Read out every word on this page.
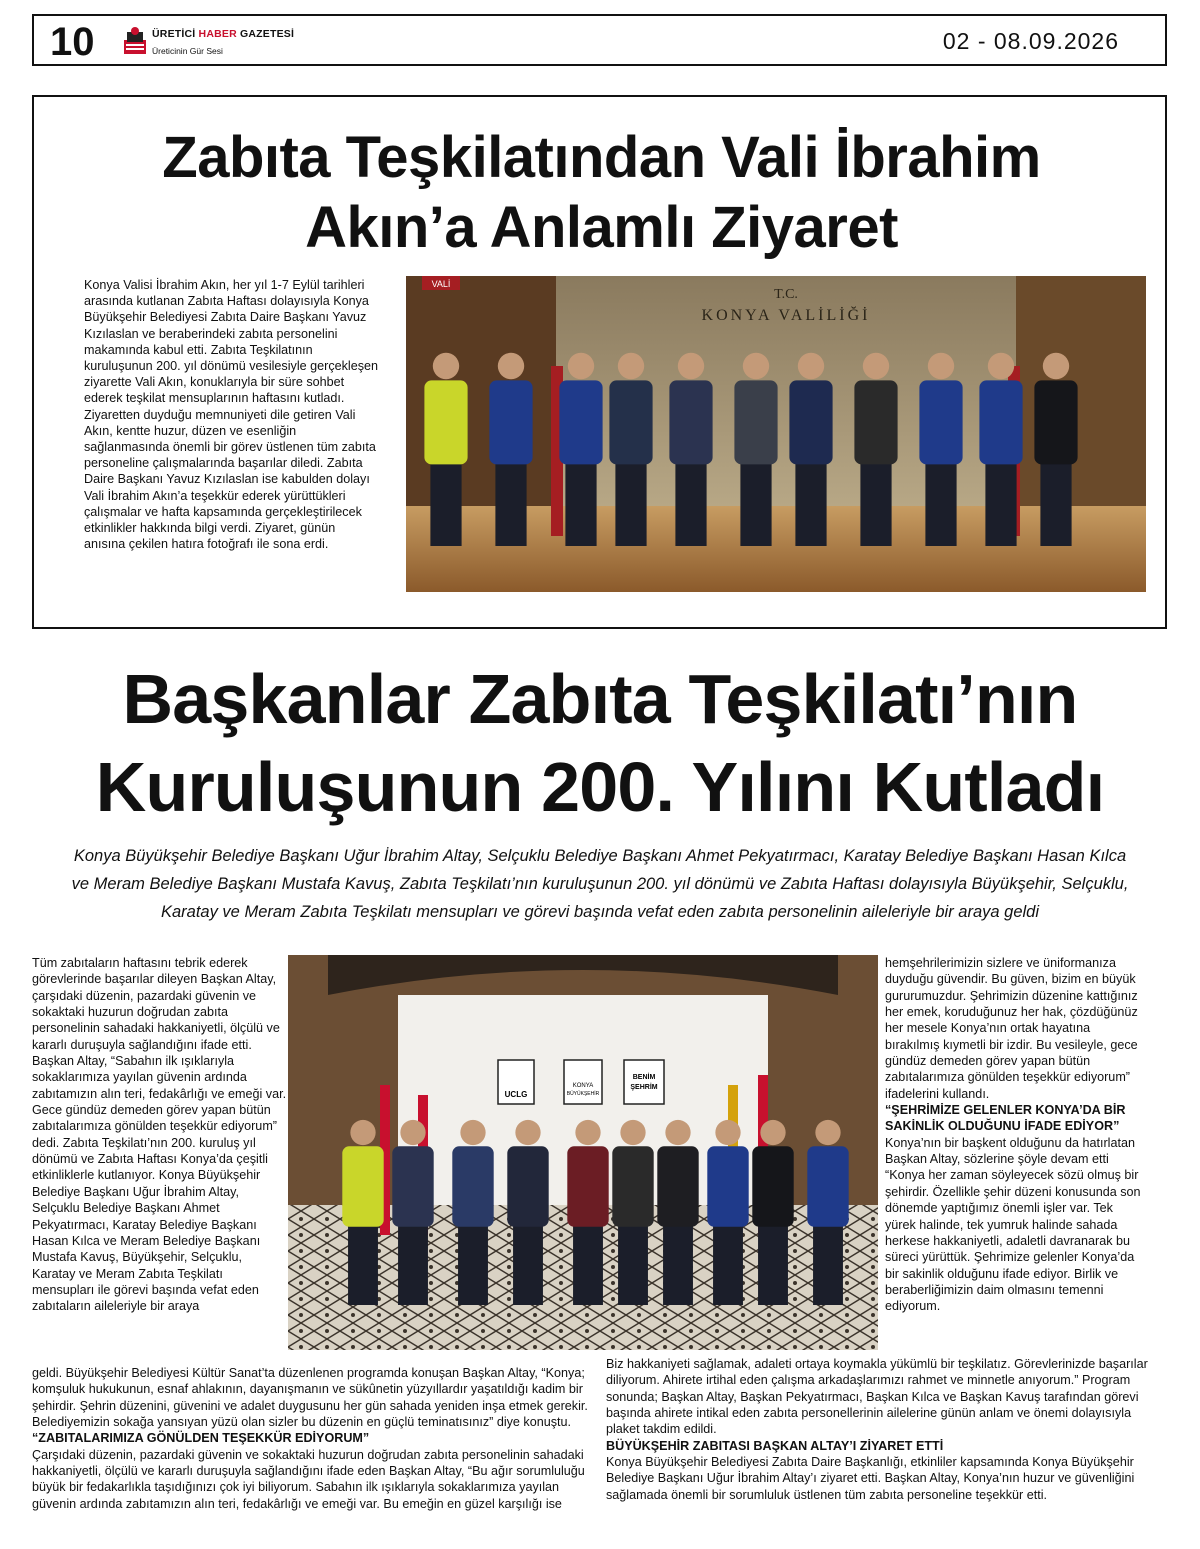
10	ÜRETİCİ HABER GAZETESİ
Üreticinin Gür Sesi	02 - 08.09.2026
Zabıta Teşkilatından Vali İbrahim
Akın’a Anlamlı Ziyaret
Konya Valisi İbrahim Akın, her yıl 1-7 Eylül tarihleri arasında kutlanan Zabıta Haftası dolayısıyla Konya Büyükşehir Belediyesi Zabıta Daire Başkanı Yavuz Kızılaslan ve beraberindeki zabıta personelini makamında kabul etti. Zabıta Teşkilatının kuruluşunun 200. yıl dönümü vesilesiyle gerçekleşen ziyarette Vali Akın, konuklarıyla bir süre sohbet ederek teşkilat mensuplarının haftasını kutladı. Ziyaretten duyduğu memnuniyeti dile getiren Vali Akın, kentte huzur, düzen ve esenliğin sağlanmasında önemli bir görev üstlenen tüm zabıta personeline çalışmalarında başarılar diledi. Zabıta Daire Başkanı Yavuz Kızılaslan ise kabulden dolayı Vali İbrahim Akın’a teşekkür ederek yürüttükleri çalışmalar ve hafta kapsamında gerçekleştirilecek etkinlikler hakkında bilgi verdi. Ziyaret, günün anısına çekilen hatıra fotoğrafı ile sona erdi.
VALİ
T.C.
KONYA VALİLİĞİ
Başkanlar Zabıta Teşkilatı’nın
Kuruluşunun 200. Yılını Kutladı
Konya Büyükşehir Belediye Başkanı Uğur İbrahim Altay, Selçuklu Belediye Başkanı Ahmet Pekyatırmacı, Karatay Belediye Başkanı Hasan Kılca ve Meram Belediye Başkanı Mustafa Kavuş, Zabıta Teşkilatı’nın kuruluşunun 200. yıl dönümü ve Zabıta Haftası dolayısıyla Büyükşehir, Selçuklu, Karatay ve Meram Zabıta Teşkilatı mensupları ve görevi başında vefat eden zabıta personelinin aileleriyle bir araya geldi
Tüm zabıtaların haftasını tebrik ederek görevlerinde başarılar dileyen Başkan Altay, çarşıdaki düzenin, pazardaki güvenin ve sokaktaki huzurun doğrudan zabıta personelinin sahadaki hakkaniyetli, ölçülü ve kararlı duruşuyla sağlandığını ifade etti. Başkan Altay, “Sabahın ilk ışıklarıyla sokaklarımıza yayılan güvenin ardında zabıtamızın alın teri, fedakârlığı ve emeği var. Gece gündüz demeden görev yapan bütün zabıtalarımıza gönülden teşekkür ediyorum” dedi. Zabıta Teşkilatı’nın 200. kuruluş yıl dönümü ve Zabıta Haftası Konya’da çeşitli etkinliklerle kutlanıyor. Konya Büyükşehir Belediye Başkanı Uğur İbrahim Altay, Selçuklu Belediye Başkanı Ahmet Pekyatırmacı, Karatay Belediye Başkanı Hasan Kılca ve Meram Belediye Başkanı Mustafa Kavuş, Büyükşehir, Selçuklu, Karatay ve Meram Zabıta Teşkilatı mensupları ile görevi başında vefat eden zabıtaların aileleriyle bir araya
UCLG
KONYA
BÜYÜKŞEHİR
BENİM
ŞEHRİM

hemşehrilerimizin sizlere ve üniformanıza duyduğu güvendir. Bu güven, bizim en büyük gururumuzdur. Şehrimizin düzenine kattığınız her emek, koruduğunuz her hak, çözdüğünüz her mesele Konya’nın ortak hayatına bırakılmış kıymetli bir izdir. Bu vesileyle, gece gündüz demeden görev yapan bütün zabıtalarımıza gönülden teşekkür ediyorum” ifadelerini kullandı.

“ŞEHRİMİZE GELENLER KONYA’DA BİR SAKİNLİK OLDUĞUNU İFADE EDİYOR”

Konya’nın bir başkent olduğunu da hatırlatan Başkan Altay, sözlerine şöyle devam etti “Konya her zaman söyleyecek sözü olmuş bir şehirdir. Özellikle şehir düzeni konusunda son dönemde yaptığımız önemli işler var. Tek yürek halinde, tek yumruk halinde sahada herkese hakkaniyetli, adaletli davranarak bu süreci yürüttük. Şehrimize gelenler Konya’da bir sakinlik olduğunu ifade ediyor. Birlik ve beraberliğimizin daim olmasını temenni ediyorum.

geldi. Büyükşehir Belediyesi Kültür Sanat’ta düzenlenen programda konuşan Başkan Altay, “Konya; komşuluk hukukunun, esnaf ahlakının, dayanışmanın ve sükûnetin yüzyıllardır yaşatıldığı kadim bir şehirdir. Şehrin düzenini, güvenini ve adalet duygusunu her gün sahada yeniden inşa etmek gerekir. Belediyemizin sokağa yansıyan yüzü olan sizler bu düzenin en güçlü teminatısınız” diye konuştu.

“ZABITALARIMIZA GÖNÜLDEN TEŞEKKÜR EDİYORUM”

Çarşıdaki düzenin, pazardaki güvenin ve sokaktaki huzurun doğrudan zabıta personelinin sahadaki hakkaniyetli, ölçülü ve kararlı duruşuyla sağlandığını ifade eden Başkan Altay, “Bu ağır sorumluluğu büyük bir fedakarlıkla taşıdığınızı çok iyi biliyorum. Sabahın ilk ışıklarıyla sokaklarımıza yayılan güvenin ardında zabıtamızın alın teri, fedakârlığı ve emeği var. Bu emeğin en güzel karşılığı ise

Biz hakkaniyeti sağlamak, adaleti ortaya koymakla yükümlü bir teşkilatız. Görevlerinizde başarılar diliyorum. Ahirete irtihal eden çalışma arkadaşlarımızı rahmet ve minnetle anıyorum.” Program sonunda; Başkan Altay, Başkan Pekyatırmacı, Başkan Kılca ve Başkan Kavuş tarafından görevi başında ahirete intikal eden zabıta personellerinin ailelerine günün anlam ve önemi dolayısıyla plaket takdim edildi.

BÜYÜKŞEHİR ZABITASI BAŞKAN ALTAY’I ZİYARET ETTİ

Konya Büyükşehir Belediyesi Zabıta Daire Başkanlığı, etkinliler kapsamında Konya Büyükşehir Belediye Başkanı Uğur İbrahim Altay’ı ziyaret etti. Başkan Altay, Konya’nın huzur ve güvenliğini sağlamada önemli bir sorumluluk üstlenen tüm zabıta personeline teşekkür etti.
